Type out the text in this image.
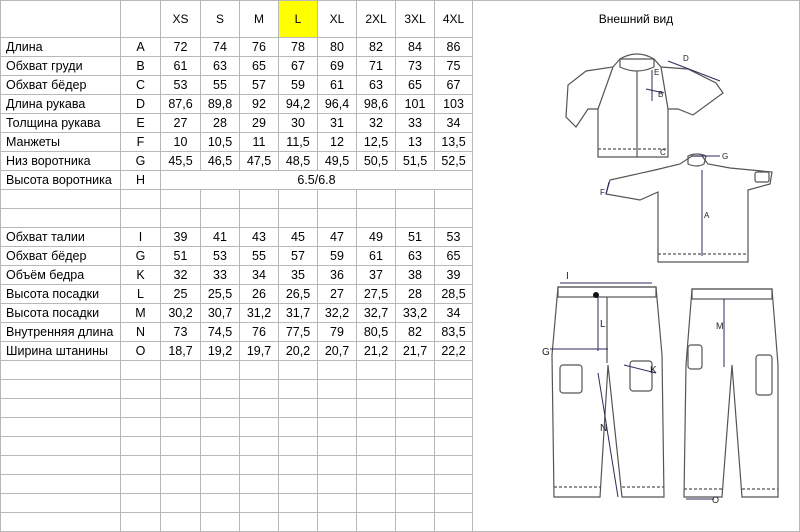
		XS	S	M	L	XL	2XL	3XL	4XL	Внешний вид
Длина	A	72	74	76	78	80	82	84	86	
Обхват груди	B	61	63	65	67	69	71	73	75	
Обхват бёдер	C	53	55	57	59	61	63	65	67	
Длина рукава	D	87,6	89,8	92	94,2	96,4	98,6	101	103	
Толщина рукава	E	27	28	29	30	31	32	33	34	
Манжеты	F	10	10,5	11	11,5	12	12,5	13	13,5	
Низ воротника	G	45,5	46,5	47,5	48,5	49,5	50,5	51,5	52,5	
Высота воротника	H	6.5/6.8								

Обхват талии	I	39	41	43	45	47	49	51	53	
Обхват бёдер	G	51	53	55	57	59	61	63	65	
Объём бедра	K	32	33	34	35	36	37	38	39	
Высота посадки	L	25	25,5	26	26,5	27	27,5	28	28,5	
Высота посадки	M	30,2	30,7	31,2	31,7	32,2	32,7	33,2	34	
Внутренняя длина	N	73	74,5	76	77,5	79	80,5	82	83,5	
Ширина штанины	O	18,7	19,2	19,7	20,2	20,7	21,2	21,7	22,2	

D
E
B
C	G
F
A
I
L
G
K
N
M
O
